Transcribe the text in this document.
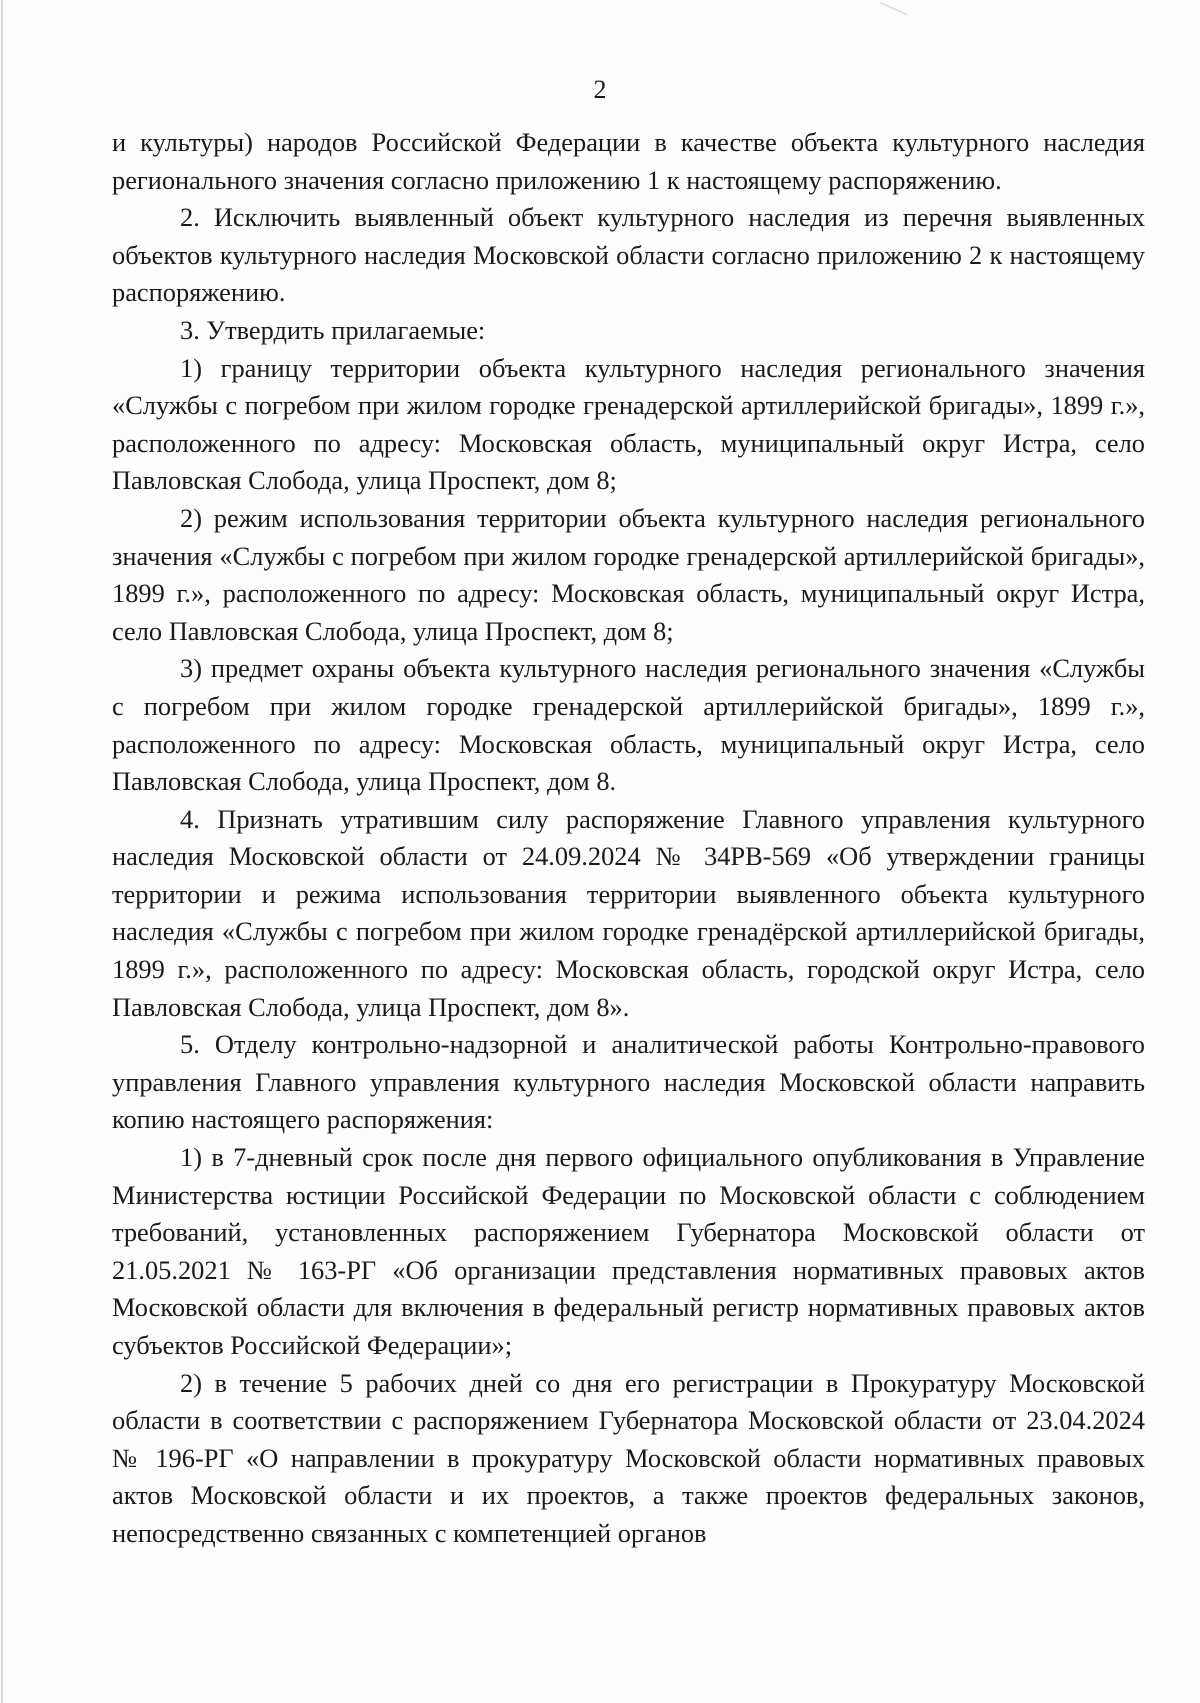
2

и культуры) народов Российской Федерации в качестве объекта культурного наследия регионального значения согласно приложению 1 к настоящему распоряжению.

2. Исключить выявленный объект культурного наследия из перечня выявленных объектов культурного наследия Московской области согласно приложению 2 к настоящему распоряжению.

3. Утвердить прилагаемые:

1) границу территории объекта культурного наследия регионального значения «Службы с погребом при жилом городке гренадерской артиллерийской бригады», 1899 г.», расположенного по адресу: Московская область, муниципальный округ Истра, село Павловская Слобода, улица Проспект, дом 8;

2) режим использования территории объекта культурного наследия регионального значения «Службы с погребом при жилом городке гренадерской артиллерийской бригады», 1899 г.», расположенного по адресу: Московская область, муниципальный округ Истра, село Павловская Слобода, улица Проспект, дом 8;

3) предмет охраны объекта культурного наследия регионального значения «Службы с погребом при жилом городке гренадерской артиллерийской бригады», 1899 г.», расположенного по адресу: Московская область, муниципальный округ Истра, село Павловская Слобода, улица Проспект, дом 8.

4. Признать утратившим силу распоряжение Главного управления культурного наследия Московской области от 24.09.2024 № 34РВ-569 «Об утверждении границы территории и режима использования территории выявленного объекта культурного наследия «Службы с погребом при жилом городке гренадёрской артиллерийской бригады, 1899 г.», расположенного по адресу: Московская область, городской округ Истра, село Павловская Слобода, улица Проспект, дом 8».

5. Отделу контрольно-надзорной и аналитической работы Контрольно-правового управления Главного управления культурного наследия Московской области направить копию настоящего распоряжения:

1) в 7-дневный срок после дня первого официального опубликования в Управление Министерства юстиции Российской Федерации по Московской области с соблюдением требований, установленных распоряжением Губернатора Московской области от 21.05.2021 № 163-РГ «Об организации представления нормативных правовых актов Московской области для включения в федеральный регистр нормативных правовых актов субъектов Российской Федерации»;

2) в течение 5 рабочих дней со дня его регистрации в Прокуратуру Московской области в соответствии с распоряжением Губернатора Московской области от 23.04.2024 № 196-РГ «О направлении в прокуратуру Московской области нормативных правовых актов Московской области и их проектов, а также проектов федеральных законов, непосредственно связанных с компетенцией органов
